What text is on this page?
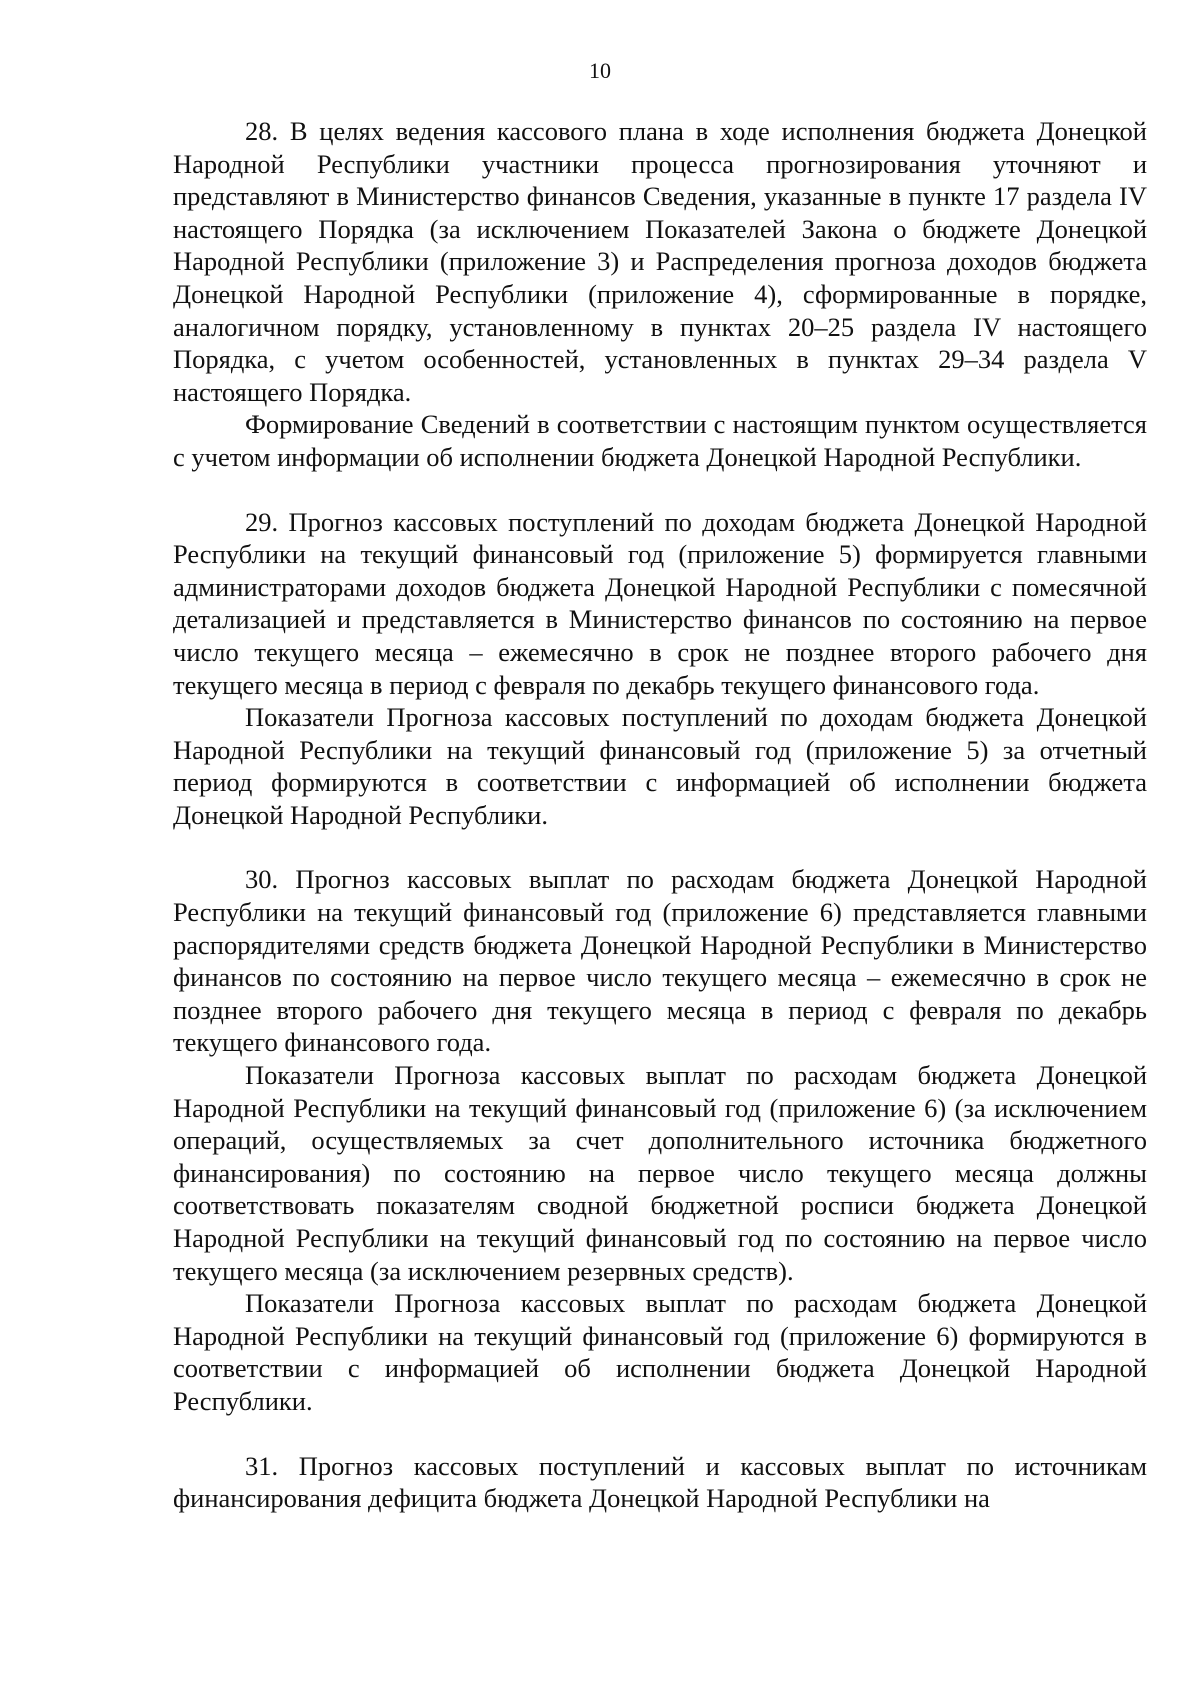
10

28. В целях ведения кассового плана в ходе исполнения бюджета Донецкой Народной Республики участники процесса прогнозирования уточняют и представляют в Министерство финансов Сведения, указанные в пункте 17 раздела IV настоящего Порядка (за исключением Показателей Закона о бюджете Донецкой Народной Республики (приложение 3) и Распределения прогноза доходов бюджета Донецкой Народной Республики (приложение 4), сформированные в порядке, аналогичном порядку, установленному в пунктах 20–25 раздела IV настоящего Порядка, с учетом особенностей, установленных в пунктах 29–34 раздела V настоящего Порядка.

Формирование Сведений в соответствии с настоящим пунктом осуществляется с учетом информации об исполнении бюджета Донецкой Народной Республики.

29. Прогноз кассовых поступлений по доходам бюджета Донецкой Народной Республики на текущий финансовый год (приложение 5) формируется главными администраторами доходов бюджета Донецкой Народной Республики с помесячной детализацией и представляется в Министерство финансов по состоянию на первое число текущего месяца – ежемесячно в срок не позднее второго рабочего дня текущего месяца в период с февраля по декабрь текущего финансового года.

Показатели Прогноза кассовых поступлений по доходам бюджета Донецкой Народной Республики на текущий финансовый год (приложение 5) за отчетный период формируются в соответствии с информацией об исполнении бюджета Донецкой Народной Республики.

30. Прогноз кассовых выплат по расходам бюджета Донецкой Народной Республики на текущий финансовый год (приложение 6) представляется главными распорядителями средств бюджета Донецкой Народной Республики в Министерство финансов по состоянию на первое число текущего месяца – ежемесячно в срок не позднее второго рабочего дня текущего месяца в период с февраля по декабрь текущего финансового года.

Показатели Прогноза кассовых выплат по расходам бюджета Донецкой Народной Республики на текущий финансовый год (приложение 6) (за исключением операций, осуществляемых за счет дополнительного источника бюджетного финансирования) по состоянию на первое число текущего месяца должны соответствовать показателям сводной бюджетной росписи бюджета Донецкой Народной Республики на текущий финансовый год по состоянию на первое число текущего месяца (за исключением резервных средств).

Показатели Прогноза кассовых выплат по расходам бюджета Донецкой Народной Республики на текущий финансовый год (приложение 6) формируются в соответствии с информацией об исполнении бюджета Донецкой Народной Республики.

31. Прогноз кассовых поступлений и кассовых выплат по источникам финансирования дефицита бюджета Донецкой Народной Республики на
